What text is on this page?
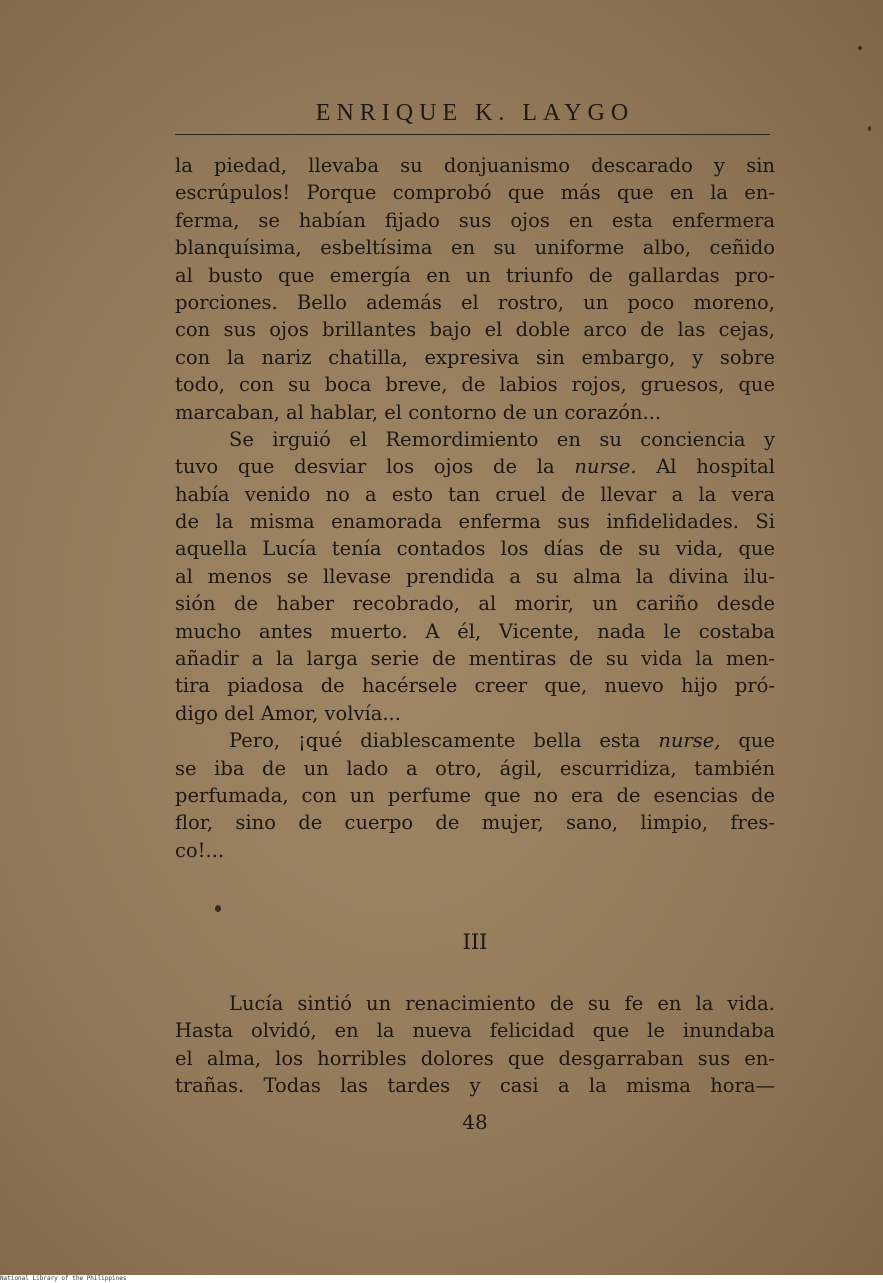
ENRIQUE K. LAYGO
la piedad, llevaba su donjuanismo descarado y sin
escrúpulos! Porque comprobó que más que en la en-
ferma, se habían fijado sus ojos en esta enfermera
blanquísima, esbeltísima en su uniforme albo, ceñido
al busto que emergía en un triunfo de gallardas pro-
porciones. Bello además el rostro, un poco moreno,
con sus ojos brillantes bajo el doble arco de las cejas,
con la nariz chatilla, expresiva sin embargo, y sobre
todo, con su boca breve, de labios rojos, gruesos, que
marcaban, al hablar, el contorno de un corazón...
Se irguió el Remordimiento en su conciencia y
tuvo que desviar los ojos de la nurse. Al hospital
había venido no a esto tan cruel de llevar a la vera
de la misma enamorada enferma sus infidelidades. Si
aquella Lucía tenía contados los días de su vida, que
al menos se llevase prendida a su alma la divina ilu-
sión de haber recobrado, al morir, un cariño desde
mucho antes muerto. A él, Vicente, nada le costaba
añadir a la larga serie de mentiras de su vida la men-
tira piadosa de hacérsele creer que, nuevo hijo pró-
digo del Amor, volvía...
Pero, ¡qué diablescamente bella esta nurse, que
se iba de un lado a otro, ágil, escurridiza, también
perfumada, con un perfume que no era de esencias de
flor, sino de cuerpo de mujer, sano, limpio, fres-
co!...
III
Lucía sintió un renacimiento de su fe en la vida.
Hasta olvidó, en la nueva felicidad que le inundaba
el alma, los horribles dolores que desgarraban sus en-
trañas. Todas las tardes y casi a la misma hora—
48
National Library of the Philippines
